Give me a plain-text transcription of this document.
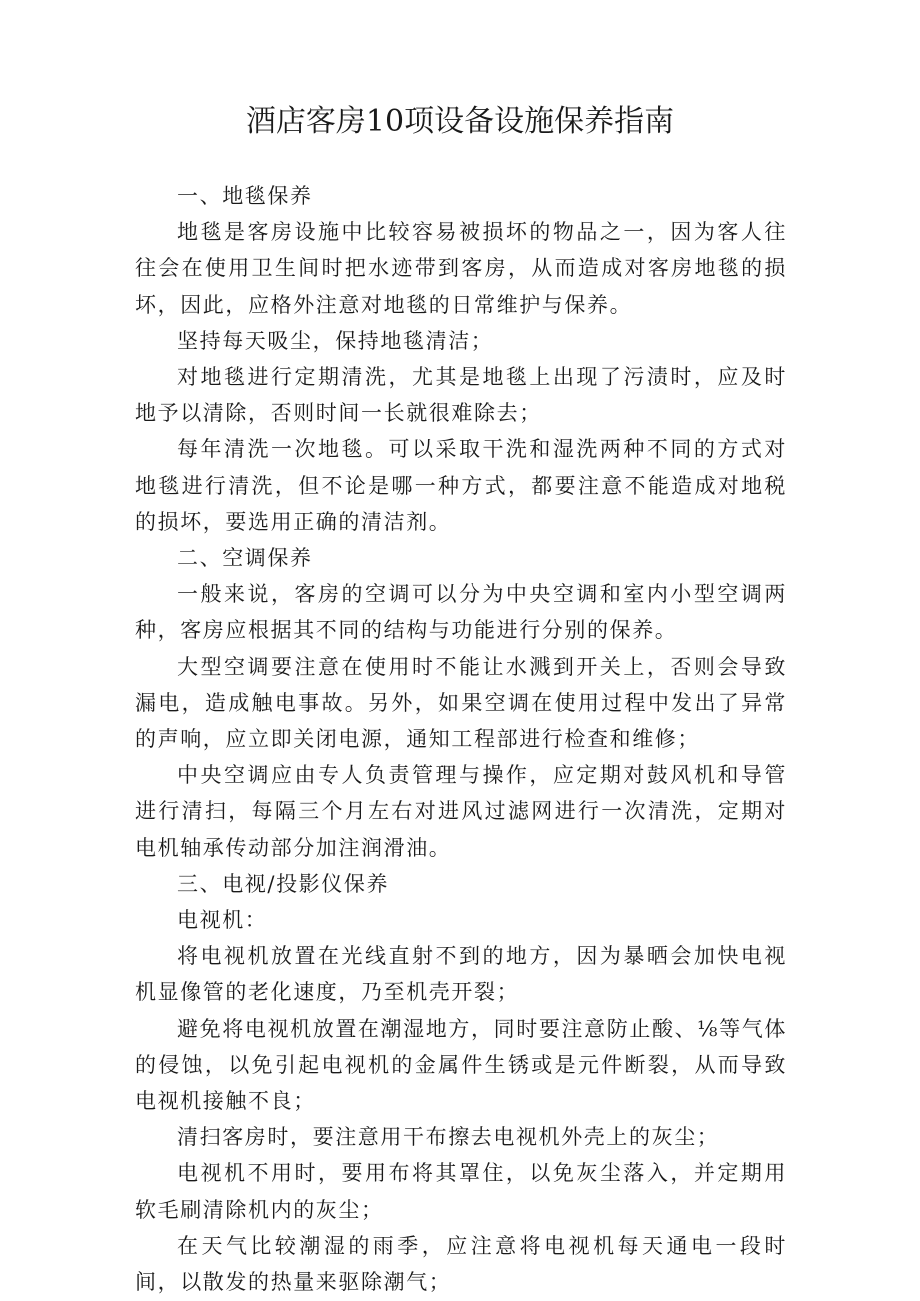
酒店客房10项设备设施保养指南

一、地毯保养

地毯是客房设施中比较容易被损坏的物品之一，因为客人往往会在使用卫生间时把水迹带到客房，从而造成对客房地毯的损坏，因此，应格外注意对地毯的日常维护与保养。

坚持每天吸尘，保持地毯清洁；

对地毯进行定期清洗，尤其是地毯上出现了污渍时，应及时地予以清除，否则时间一长就很难除去；

每年清洗一次地毯。可以采取干洗和湿洗两种不同的方式对地毯进行清洗，但不论是哪一种方式，都要注意不能造成对地税的损坏，要选用正确的清洁剂。

二、空调保养

一般来说，客房的空调可以分为中央空调和室内小型空调两种，客房应根据其不同的结构与功能进行分别的保养。

大型空调要注意在使用时不能让水溅到开关上，否则会导致漏电，造成触电事故。另外，如果空调在使用过程中发出了异常的声响，应立即关闭电源，通知工程部进行检查和维修；

中央空调应由专人负责管理与操作，应定期对鼓风机和导管进行清扫，每隔三个月左右对进风过滤网进行一次清洗，定期对电机轴承传动部分加注润滑油。

三、电视/投影仪保养

电视机：

将电视机放置在光线直射不到的地方，因为暴晒会加快电视机显像管的老化速度，乃至机壳开裂；

避免将电视机放置在潮湿地方，同时要注意防止酸、⅛等气体的侵蚀，以免引起电视机的金属件生锈或是元件断裂，从而导致电视机接触不良；

清扫客房时，要注意用干布擦去电视机外壳上的灰尘；

电视机不用时，要用布将其罩住，以免灰尘落入，并定期用软毛刷清除机内的灰尘；

在天气比较潮湿的雨季，应注意将电视机每天通电一段时间，以散发的热量来驱除潮气；
